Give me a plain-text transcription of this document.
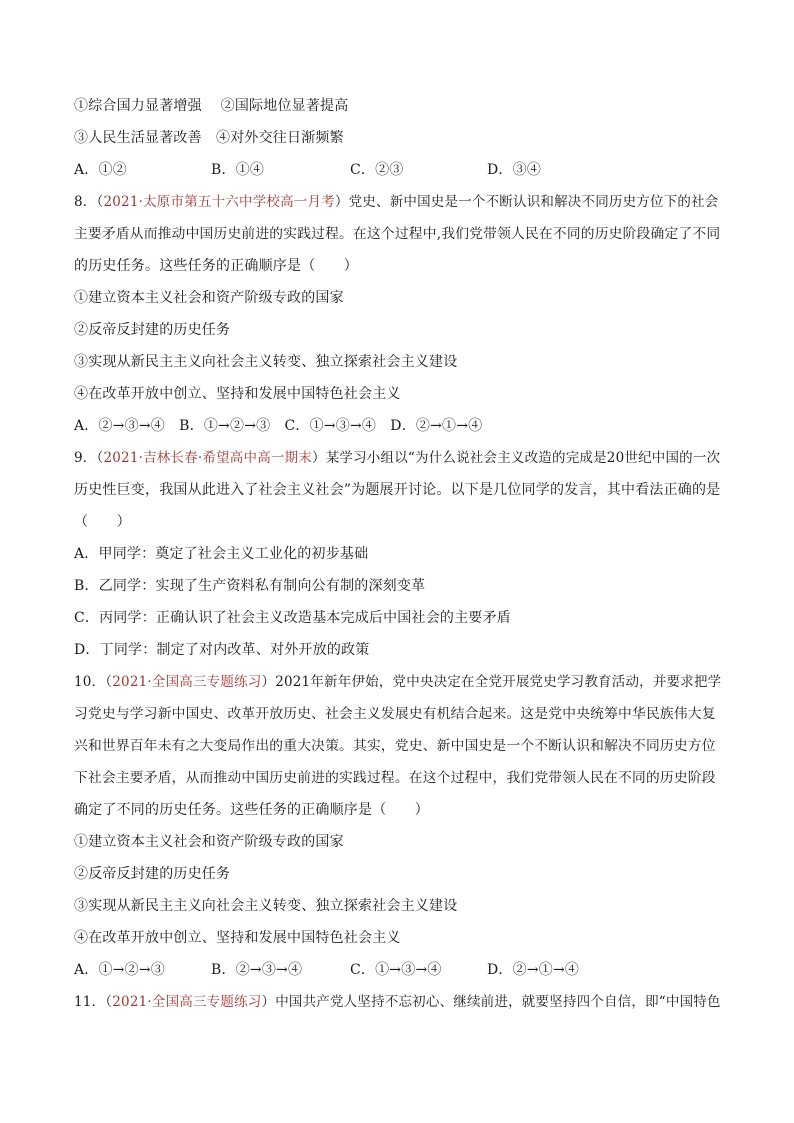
①综合国力显著增强　 ②国际地位显著提高
③人民生活显著改善　④对外交往日渐频繁
A．①②	B．①④	C．②③	D．③④
8．（2021·太原市第五十六中学校高一月考）党史、新中国史是一个不断认识和解决不同历史方位下的社会
主要矛盾从而推动中国历史前进的实践过程。在这个过程中,我们党带领人民在不同的历史阶段确定了不同
的历史任务。这些任务的正确顺序是（　　）
①建立资本主义社会和资产阶级专政的国家
②反帝反封建的历史任务
③实现从新民主主义向社会主义转变、独立探索社会主义建设
④在改革开放中创立、坚持和发展中国特色社会主义
A．②→③→④　B．①→②→③　C．①→③→④　D．②→①→④
9．（2021·吉林长春·希望高中高一期末）某学习小组以“为什么说社会主义改造的完成是20世纪中国的一次
历史性巨变，我国从此进入了社会主义社会”为题展开讨论。以下是几位同学的发言，其中看法正确的是
（　　）
A．甲同学：奠定了社会主义工业化的初步基础
B．乙同学：实现了生产资料私有制向公有制的深刻变革
C．丙同学：正确认识了社会主义改造基本完成后中国社会的主要矛盾
D．丁同学：制定了对内改革、对外开放的政策
10．（2021·全国高三专题练习）2021年新年伊始，党中央决定在全党开展党史学习教育活动，并要求把学
习党史与学习新中国史、改革开放历史、社会主义发展史有机结合起来。这是党中央统筹中华民族伟大复
兴和世界百年未有之大变局作出的重大决策。其实，党史、新中国史是一个不断认识和解决不同历史方位
下社会主要矛盾，从而推动中国历史前进的实践过程。在这个过程中，我们党带领人民在不同的历史阶段
确定了不同的历史任务。这些任务的正确顺序是（　　）
①建立资本主义社会和资产阶级专政的国家
②反帝反封建的历史任务
③实现从新民主主义向社会主义转变、独立探索社会主义建设
④在改革开放中创立、坚持和发展中国特色社会主义
A．①→②→③	B．②→③→④	C．①→③→④	D．②→①→④
11．（2021·全国高三专题练习）中国共产党人坚持不忘初心、继续前进，就要坚持四个自信，即“中国特色
